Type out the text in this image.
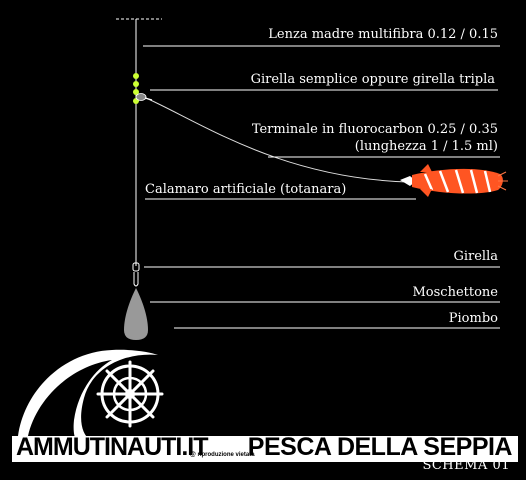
Lenza madre multifibra 0.12 / 0.15
Girella semplice oppure girella tripla
Terminale in fluorocarbon 0.25 / 0.35
(lunghezza 1 / 1.5 ml)
Calamaro artificiale (totanara)
Girella
Moschettone
Piombo
AMMUTINAUTI.IT
@ riproduzione vietata
PESCA DELLA SEPPIA
SCHEMA 01
